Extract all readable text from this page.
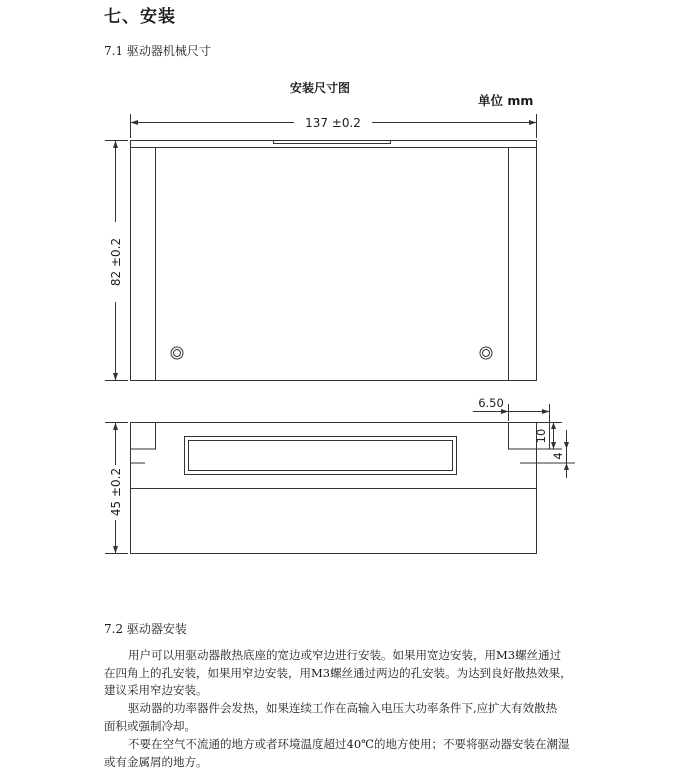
七、安装
7.1 驱动器机械尺寸
安装尺寸图
单位 mm
137 ±0.2
82 ±0.2
45 ±0.2
6.50
10
4
7.2 驱动器安装
用户可以用驱动器散热底座的宽边或窄边进行安装。如果用宽边安装，用M3螺丝通过
在四角上的孔安装，如果用窄边安装，用M3螺丝通过两边的孔安装。为达到良好散热效果，
建议采用窄边安装。
驱动器的功率器件会发热，如果连续工作在高输入电压大功率条件下,应扩大有效散热
面积或强制冷却。
不要在空气不流通的地方或者环境温度超过40℃的地方使用；不要将驱动器安装在潮湿
或有金属屑的地方。
